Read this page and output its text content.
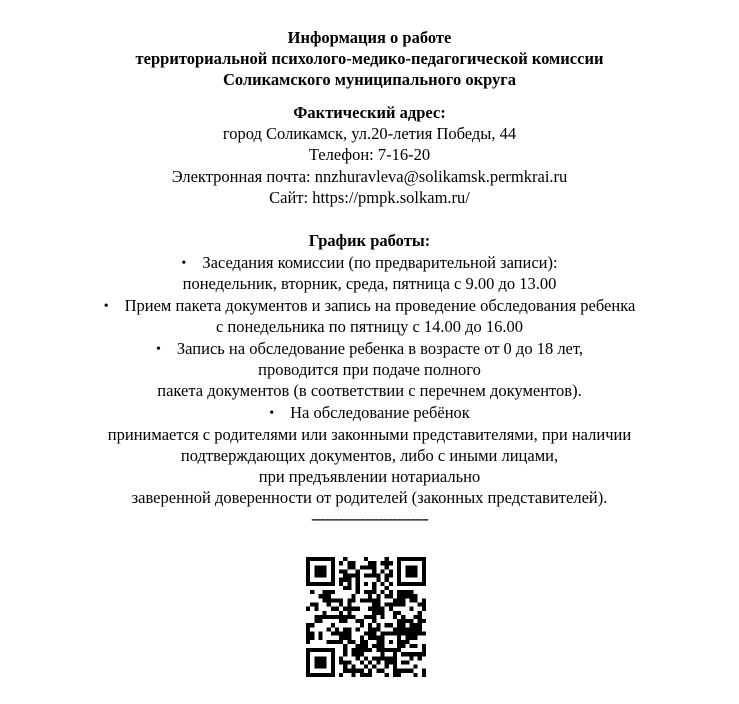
Информация о работе
территориальной психолого-медико-педагогической комиссии
Соликамского муниципального округа
Фактический адрес:
город Соликамск, ул.20-летия Победы, 44
Телефон: 7-16-20
Электронная почта: nnzhuravleva@solikamsk.permkrai.ru
Сайт: https://pmpk.solkam.ru/
График работы:
• Заседания комиссии (по предварительной записи):
понедельник, вторник, среда, пятница с 9.00 до 13.00
• Прием пакета документов и запись на проведение обследования ребенка
с понедельника по пятницу с 14.00 до 16.00
• Запись на обследование ребенка в возрасте от 0 до 18 лет,
проводится при подаче полного
пакета документов (в соответствии с перечнем документов).
• На обследование ребёнок
принимается с родителями или законными представителями, при наличии
подтверждающих документов, либо с иными лицами,
при предъявлении нотариально
заверенной доверенности от родителей (законных представителей).
--------------------------
